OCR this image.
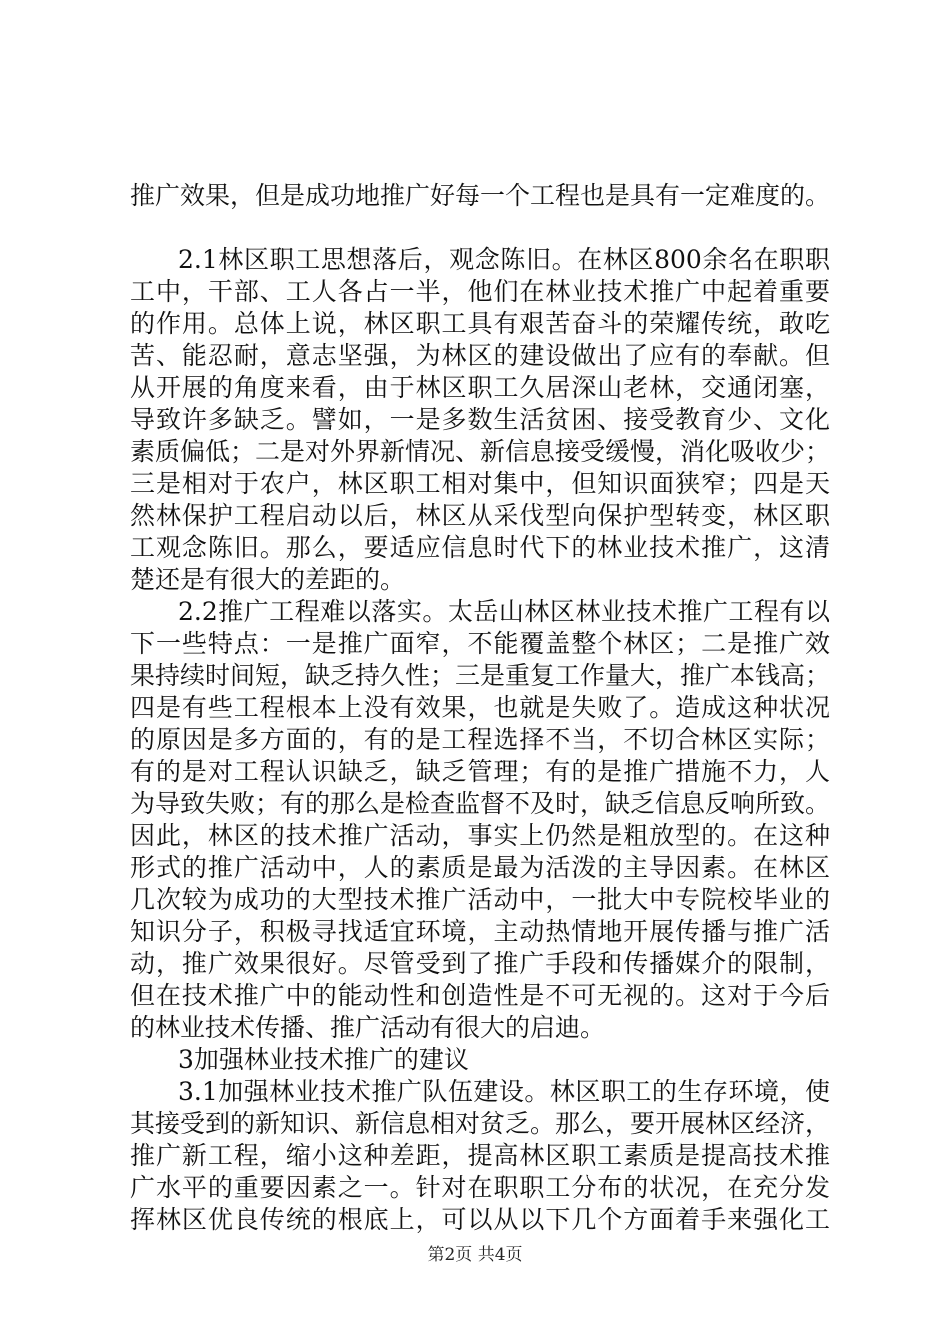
推广效果，但是成功地推广好每一个工程也是具有一定难度的。
2.1林区职工思想落后，观念陈旧。在林区800余名在职职
工中，干部、工人各占一半，他们在林业技术推广中起着重要
的作用。总体上说，林区职工具有艰苦奋斗的荣耀传统，敢吃
苦、能忍耐，意志坚强，为林区的建设做出了应有的奉献。但
从开展的角度来看，由于林区职工久居深山老林，交通闭塞，
导致许多缺乏。譬如，一是多数生活贫困、接受教育少、文化
素质偏低；二是对外界新情况、新信息接受缓慢，消化吸收少；
三是相对于农户，林区职工相对集中，但知识面狭窄；四是天
然林保护工程启动以后，林区从采伐型向保护型转变，林区职
工观念陈旧。那么，要适应信息时代下的林业技术推广，这清
楚还是有很大的差距的。
2.2推广工程难以落实。太岳山林区林业技术推广工程有以
下一些特点：一是推广面窄，不能覆盖整个林区；二是推广效
果持续时间短，缺乏持久性；三是重复工作量大，推广本钱高；
四是有些工程根本上没有效果，也就是失败了。造成这种状况
的原因是多方面的，有的是工程选择不当，不切合林区实际；
有的是对工程认识缺乏，缺乏管理；有的是推广措施不力，人
为导致失败；有的那么是检查监督不及时，缺乏信息反响所致。
因此，林区的技术推广活动，事实上仍然是粗放型的。在这种
形式的推广活动中，人的素质是最为活泼的主导因素。在林区
几次较为成功的大型技术推广活动中，一批大中专院校毕业的
知识分子，积极寻找适宜环境，主动热情地开展传播与推广活
动，推广效果很好。尽管受到了推广手段和传播媒介的限制，
但在技术推广中的能动性和创造性是不可无视的。这对于今后
的林业技术传播、推广活动有很大的启迪。
3加强林业技术推广的建议
3.1加强林业技术推广队伍建设。林区职工的生存环境，使
其接受到的新知识、新信息相对贫乏。那么，要开展林区经济，
推广新工程，缩小这种差距，提高林区职工素质是提高技术推
广水平的重要因素之一。针对在职职工分布的状况，在充分发
挥林区优良传统的根底上，可以从以下几个方面着手来强化工
第2页 共4页
